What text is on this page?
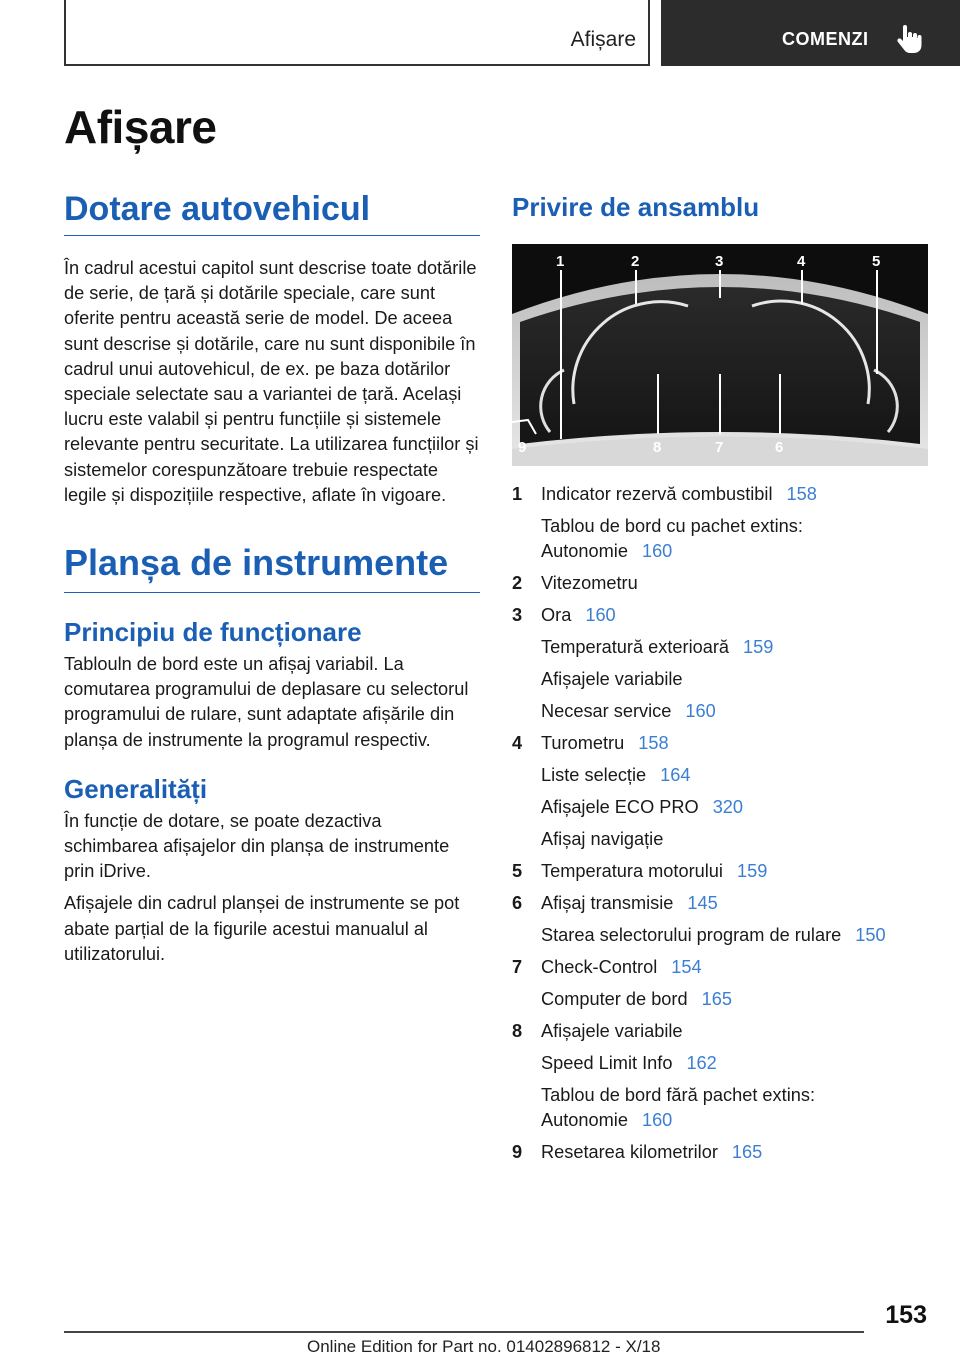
Afișare	COMENZI
Afișare
Dotare autovehicul

În cadrul acestui capitol sunt descrise toate dotările de serie, de țară și dotările speciale, care sunt oferite pentru această serie de model. De aceea sunt descrise și dotările, care nu sunt disponibile în cadrul unui autovehicul, de ex. pe baza dotărilor speciale selectate sau a variantei de țară. Același lucru este valabil și pentru funcțiile și sistemele relevante pentru securitate. La utilizarea funcțiilor și sistemelor corespunzătoare trebuie respectate legile și dispozițiile respective, aflate în vigoare.

Planșa de instrumente
Principiu de funcționare

Tablouln de bord este un afișaj variabil. La comutarea programului de deplasare cu selectorul programului de rulare, sunt adaptate afișările din planșa de instrumente la programul respectiv.

Generalități

În funcție de dotare, se poate dezactiva schimbarea afișajelor din planșa de instrumente prin iDrive.

Afișajele din cadrul planșei de instrumente se pot abate parțial de la figurile acestui manualul al utilizatorului.

Privire de ansamblu
1	2	3	4	5
6
7
8
9
1 Indicator rezervă combustibil 158
Tablou de bord cu pachet extins: Autonomie 160
2 Vitezometru
3 Ora 160
Temperatură exterioară 159
Afișajele variabile
Necesar service 160
4 Turometru 158
Liste selecție 164
Afișajele ECO PRO 320
Afișaj navigație
5 Temperatura motorului 159
6 Afișaj transmisie 145
Starea selectorului program de rulare 150
7 Check-Control 154
Computer de bord 165
8 Afișajele variabile
Speed Limit Info 162
Tablou de bord fără pachet extins: Autonomie 160
9 Resetarea kilometrilor 165
153
Online Edition for Part no. 01402896812 - X/18
